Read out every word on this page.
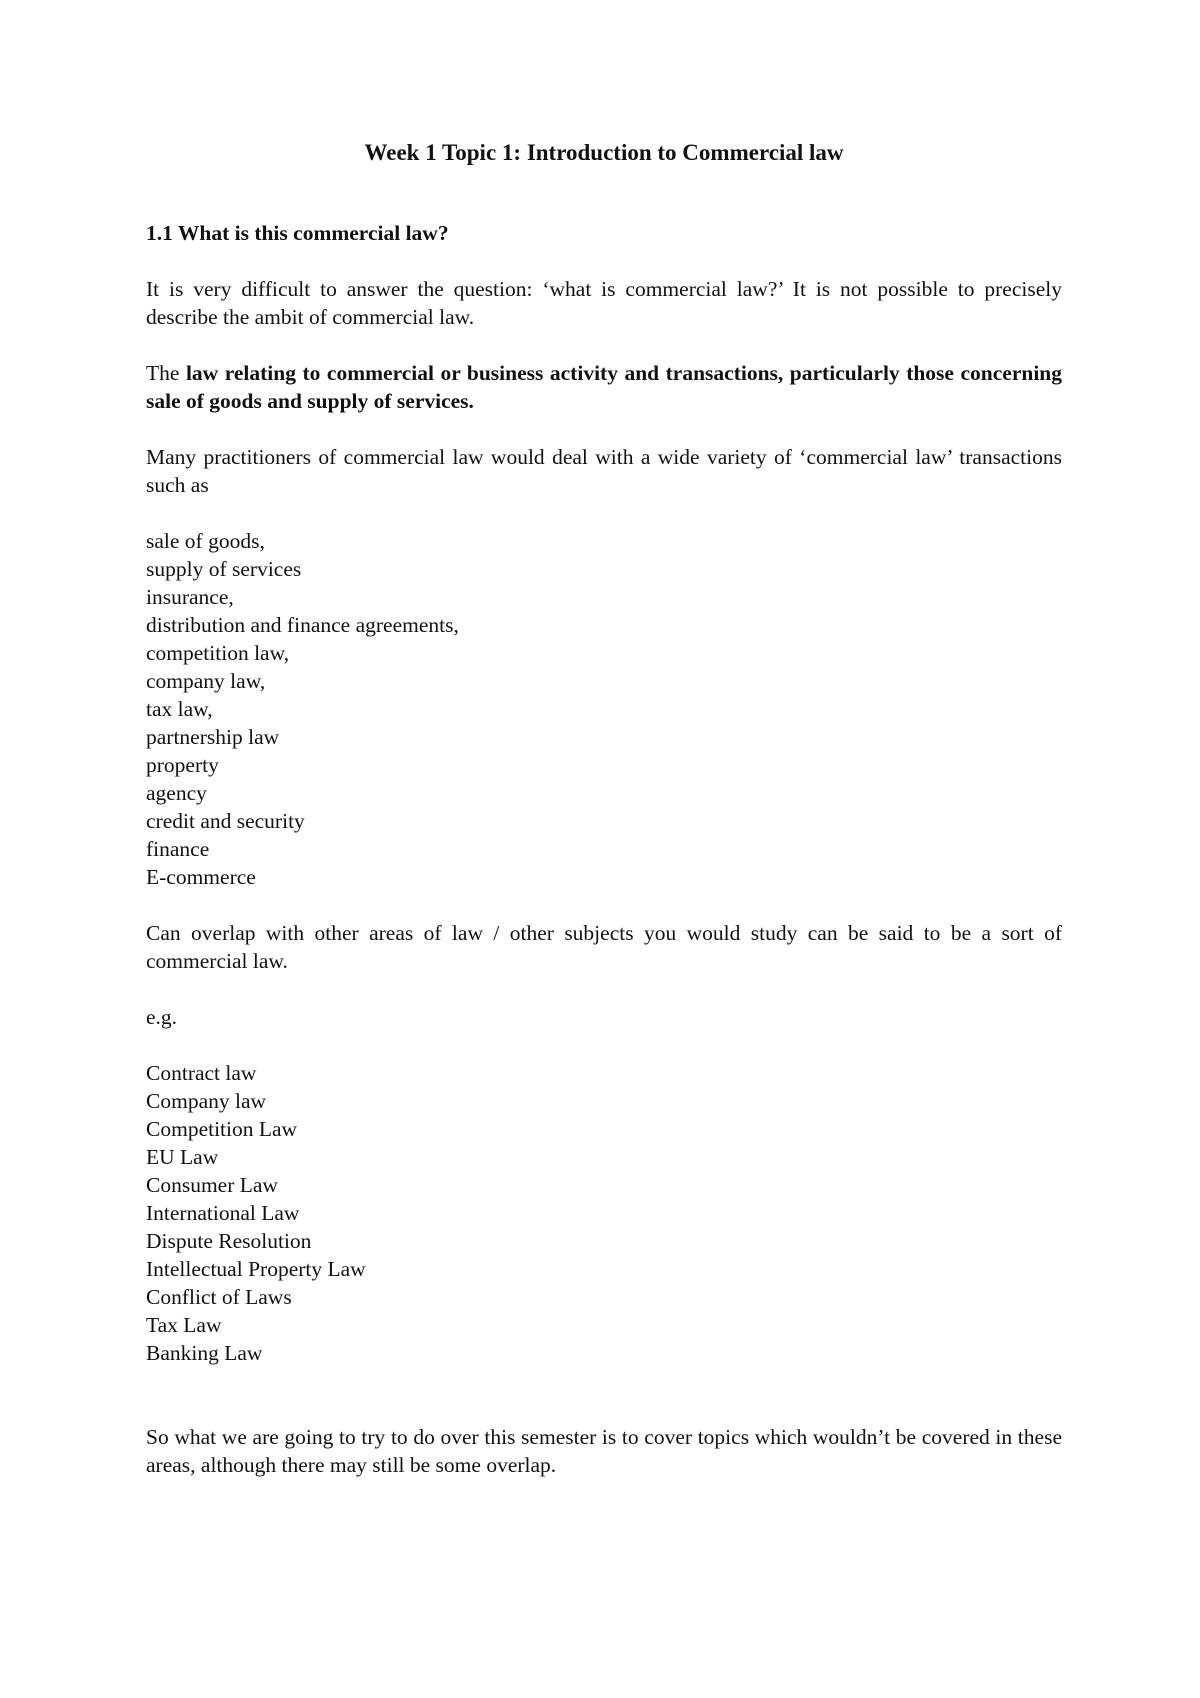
Week 1 Topic 1: Introduction to Commercial law
1.1 What is this commercial law?

It is very difficult to answer the question: ‘what is commercial law?’ It is not possible to precisely describe the ambit of commercial law.

The law relating to commercial or business activity and transactions, particularly those concerning sale of goods and supply of services.

Many practitioners of commercial law would deal with a wide variety of ‘commercial law’ transactions such as

sale of goods,
supply of services
insurance,
distribution and finance agreements,
competition law,
company law,
tax law,
partnership law
property
agency
credit and security
finance
E-commerce

Can overlap with other areas of law / other subjects you would study can be said to be a sort of commercial law.

e.g.
Contract law
Company law
Competition Law
EU Law
Consumer Law
International Law
Dispute Resolution
Intellectual Property Law
Conflict of Laws
Tax Law
Banking Law

So what we are going to try to do over this semester is to cover topics which wouldn’t be covered in these areas, although there may still be some overlap.
